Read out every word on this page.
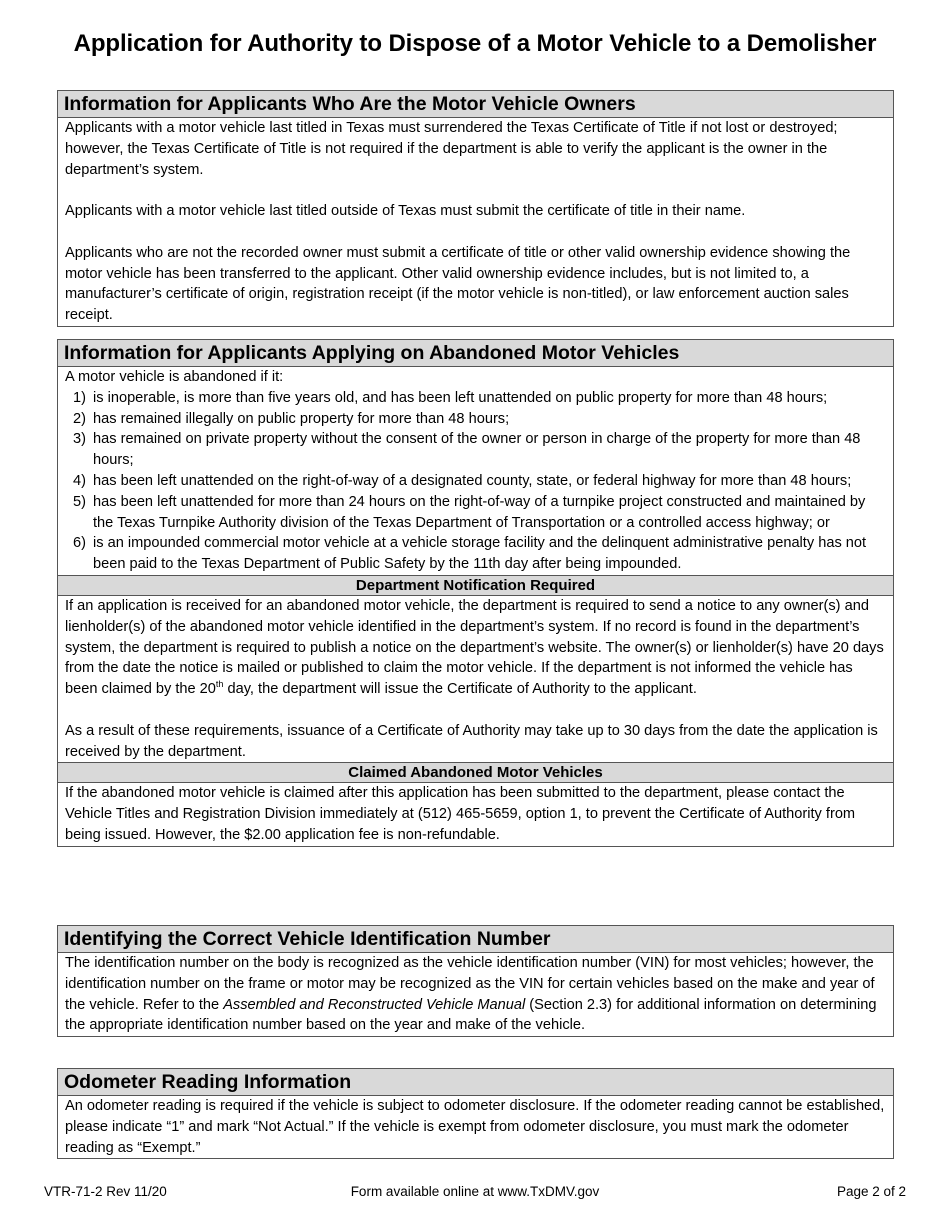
Application for Authority to Dispose of a Motor Vehicle to a Demolisher
Information for Applicants Who Are the Motor Vehicle Owners

Applicants with a motor vehicle last titled in Texas must surrendered the Texas Certificate of Title if not lost or destroyed; however, the Texas Certificate of Title is not required if the department is able to verify the applicant is the owner in the department’s system.

Applicants with a motor vehicle last titled outside of Texas must submit the certificate of title in their name.

Applicants who are not the recorded owner must submit a certificate of title or other valid ownership evidence showing the motor vehicle has been transferred to the applicant. Other valid ownership evidence includes, but is not limited to, a manufacturer’s certificate of origin, registration receipt (if the motor vehicle is non-titled), or law enforcement auction sales receipt.

Information for Applicants Applying on Abandoned Motor Vehicles

A motor vehicle is abandoned if it:

1) is inoperable, is more than five years old, and has been left unattended on public property for more than 48 hours;
2) has remained illegally on public property for more than 48 hours;
3) has remained on private property without the consent of the owner or person in charge of the property for more than 48 hours;
4) has been left unattended on the right-of-way of a designated county, state, or federal highway for more than 48 hours;
5) has been left unattended for more than 24 hours on the right-of-way of a turnpike project constructed and maintained by the Texas Turnpike Authority division of the Texas Department of Transportation or a controlled access highway; or
6) is an impounded commercial motor vehicle at a vehicle storage facility and the delinquent administrative penalty has not been paid to the Texas Department of Public Safety by the 11th day after being impounded.
Department Notification Required

If an application is received for an abandoned motor vehicle, the department is required to send a notice to any owner(s) and lienholder(s) of the abandoned motor vehicle identified in the department’s system. If no record is found in the department’s system, the department is required to publish a notice on the department’s website. The owner(s) or lienholder(s) have 20 days from the date the notice is mailed or published to claim the motor vehicle. If the department is not informed the vehicle has been claimed by the 20th day, the department will issue the Certificate of Authority to the applicant.

As a result of these requirements, issuance of a Certificate of Authority may take up to 30 days from the date the application is received by the department.

Claimed Abandoned Motor Vehicles

If the abandoned motor vehicle is claimed after this application has been submitted to the department, please contact the Vehicle Titles and Registration Division immediately at (512) 465-5659, option 1, to prevent the Certificate of Authority from being issued. However, the $2.00 application fee is non-refundable.

Identifying the Correct Vehicle Identification Number

The identification number on the body is recognized as the vehicle identification number (VIN) for most vehicles; however, the identification number on the frame or motor may be recognized as the VIN for certain vehicles based on the make and year of the vehicle. Refer to the Assembled and Reconstructed Vehicle Manual (Section 2.3) for additional information on determining the appropriate identification number based on the year and make of the vehicle.

Odometer Reading Information

An odometer reading is required if the vehicle is subject to odometer disclosure. If the odometer reading cannot be established, please indicate “1” and mark “Not Actual.” If the vehicle is exempt from odometer disclosure, you must mark the odometer reading as “Exempt.”

VTR-71-2 Rev 11/20	Form available online at www.TxDMV.gov	Page 2 of 2
